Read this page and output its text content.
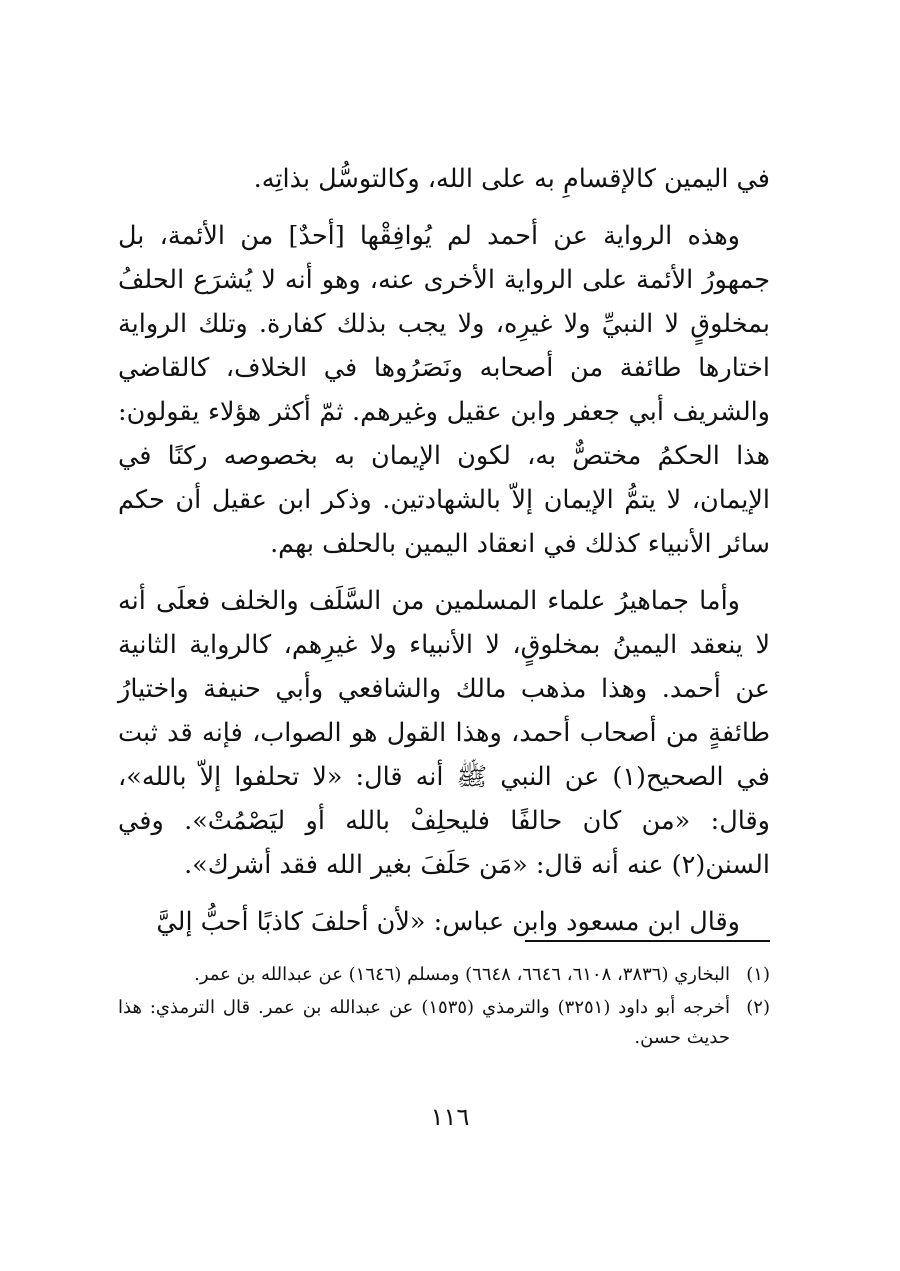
في اليمين كالإقسامِ به على الله، وكالتوسُّل بذاتِه.

وهذه الرواية عن أحمد لم يُوافِقْها [أحدٌ] من الأئمة، بل جمهورُ الأئمة على الرواية الأخرى عنه، وهو أنه لا يُشرَع الحلفُ بمخلوقٍ لا النبيِّ ولا غيرِه، ولا يجب بذلك كفارة. وتلك الرواية اختارها طائفة من أصحابه ونَصَرُوها في الخلاف، كالقاضي والشريف أبي جعفر وابن عقيل وغيرهم. ثمّ أكثر هؤلاء يقولون: هذا الحكمُ مختصٌّ به، لكون الإيمان به بخصوصه ركنًا في الإيمان، لا يتمُّ الإيمان إلاّ بالشهادتين. وذكر ابن عقيل أن حكم سائر الأنبياء كذلك في انعقاد اليمين بالحلف بهم.

وأما جماهيرُ علماء المسلمين من السَّلَف والخلف فعلَى أنه لا ينعقد اليمينُ بمخلوقٍ، لا الأنبياء ولا غيرِهم، كالرواية الثانية عن أحمد. وهذا مذهب مالك والشافعي وأبي حنيفة واختيارُ طائفةٍ من أصحاب أحمد، وهذا القول هو الصواب، فإنه قد ثبت في الصحيح(١) عن النبي ﷺ أنه قال: «لا تحلفوا إلاّ بالله»، وقال: «من كان حالفًا فليحلِفْ بالله أو ليَصْمُتْ». وفي السنن(٢) عنه أنه قال: «مَن حَلَفَ بغير الله فقد أشرك».

وقال ابن مسعود وابن عباس: «لأن أحلفَ كاذبًا أحبُّ إليَّ

(١)
البخاري (٣٨٣٦، ٦١٠٨، ٦٦٤٦، ٦٦٤٨) ومسلم (١٦٤٦) عن عبدالله بن عمر.
(٢)
أخرجه أبو داود (٣٢٥١) والترمذي (١٥٣٥) عن عبدالله بن عمر. قال الترمذي: هذا حديث حسن.
١١٦
